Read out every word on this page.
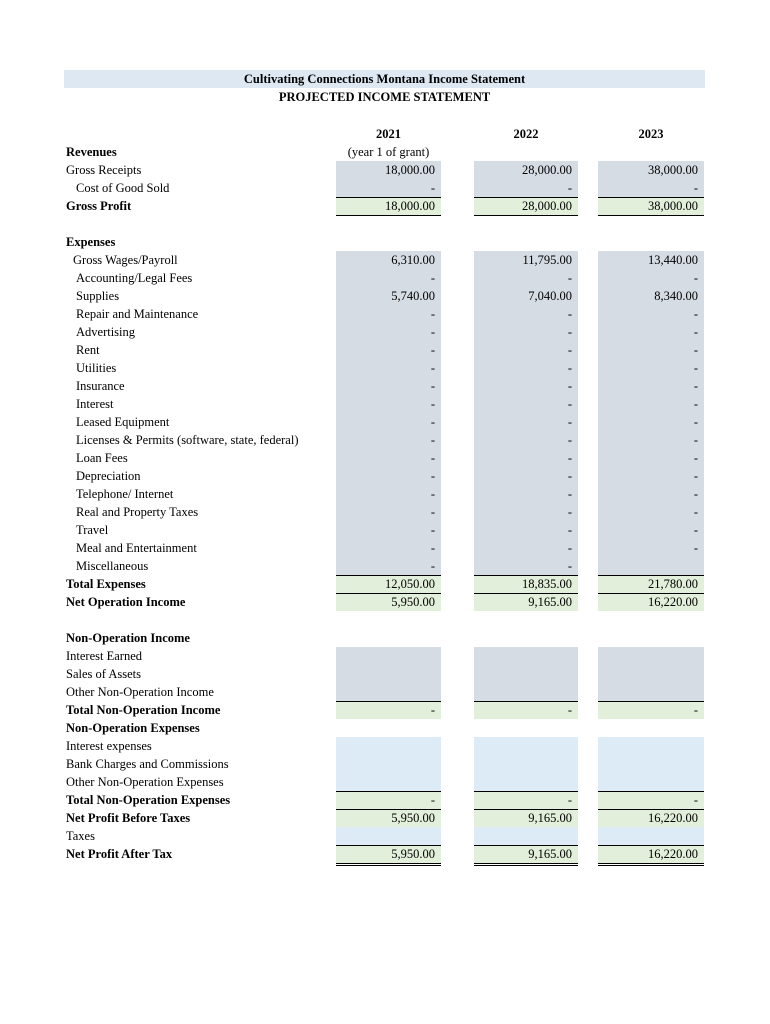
Cultivating Connections Montana Income Statement
PROJECTED INCOME STATEMENT
2021	2022	2023
(year 1 of grant)
Revenues
Gross Receipts	18,000.00	28,000.00	38,000.00
Cost of Good Sold	-	-	-
Gross Profit	18,000.00	28,000.00	38,000.00
Expenses
Gross Wages/Payroll	6,310.00	11,795.00	13,440.00
Accounting/Legal Fees	-	-	-
Supplies	5,740.00	7,040.00	8,340.00
Repair and Maintenance	-	-	-
Advertising	-	-	-
Rent	-	-	-
Utilities	-	-	-
Insurance	-	-	-
Interest	-	-	-
Leased Equipment	-	-	-
Licenses & Permits (software, state, federal)	-	-	-
Loan Fees	-	-	-
Depreciation	-	-	-
Telephone/ Internet	-	-	-
Real and Property Taxes	-	-	-
Travel	-	-	-
Meal and Entertainment	-	-	-
Miscellaneous	-	-
Total Expenses	12,050.00	18,835.00	21,780.00
Net Operation Income	5,950.00	9,165.00	16,220.00
Non-Operation Income
Interest Earned
Sales of Assets
Other Non-Operation Income
Total Non-Operation Income	-	-	-
Non-Operation Expenses
Interest expenses
Bank Charges and Commissions
Other Non-Operation Expenses
Total Non-Operation Expenses	-	-	-
Net Profit Before Taxes	5,950.00	9,165.00	16,220.00
Taxes
Net Profit After Tax	5,950.00	9,165.00	16,220.00
